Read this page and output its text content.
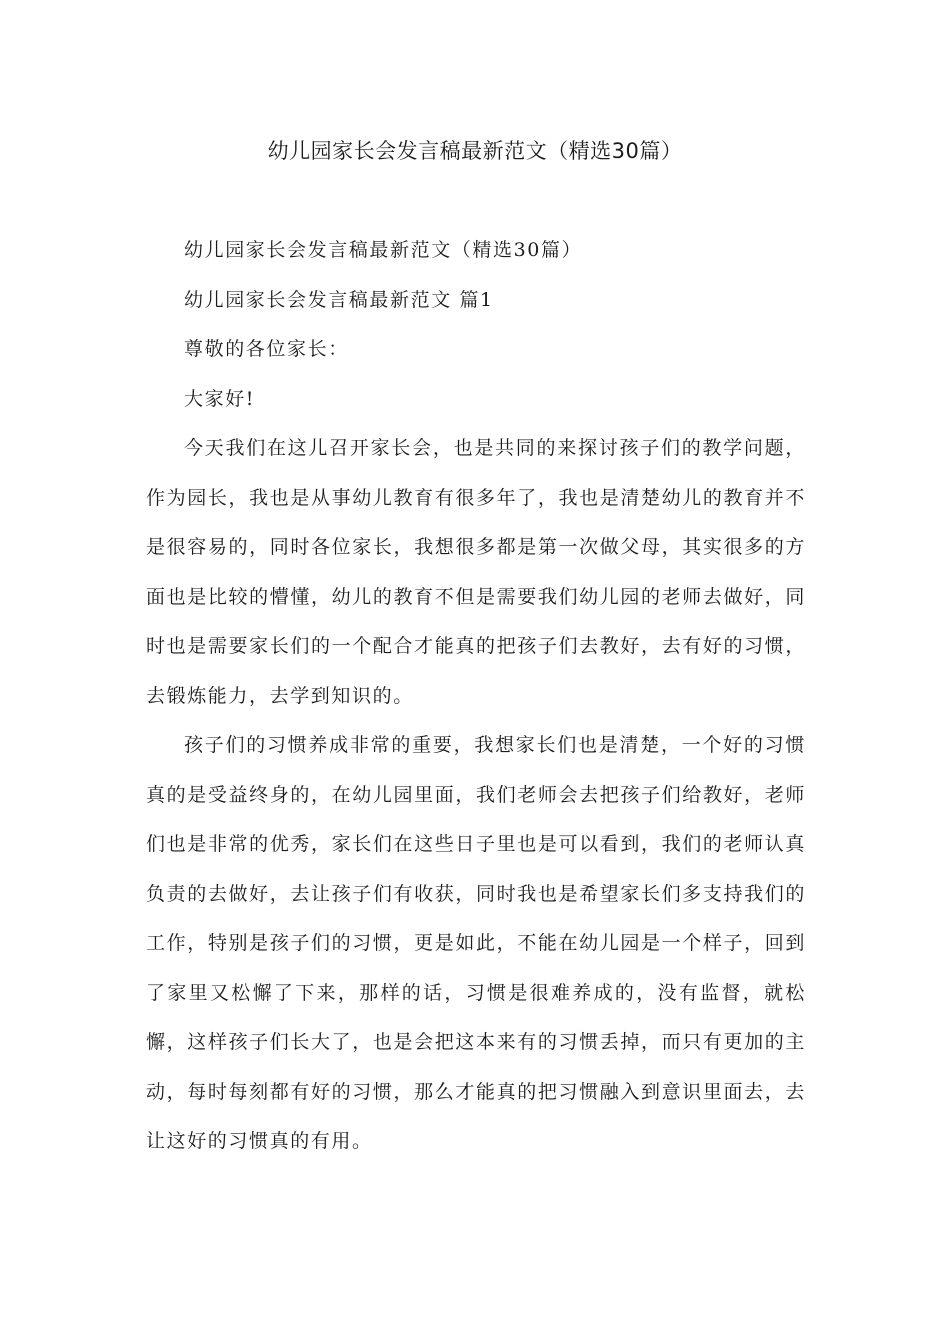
幼儿园家长会发言稿最新范文（精选30篇）

幼儿园家长会发言稿最新范文（精选30篇）

幼儿园家长会发言稿最新范文 篇1

尊敬的各位家长：

大家好!

今天我们在这儿召开家长会，也是共同的来探讨孩子们的教学问题，作为园长，我也是从事幼儿教育有很多年了，我也是清楚幼儿的教育并不是很容易的，同时各位家长，我想很多都是第一次做父母，其实很多的方面也是比较的懵懂，幼儿的教育不但是需要我们幼儿园的老师去做好，同时也是需要家长们的一个配合才能真的把孩子们去教好，去有好的习惯，去锻炼能力，去学到知识的。

孩子们的习惯养成非常的重要，我想家长们也是清楚，一个好的习惯真的是受益终身的，在幼儿园里面，我们老师会去把孩子们给教好，老师们也是非常的优秀，家长们在这些日子里也是可以看到，我们的老师认真负责的去做好，去让孩子们有收获，同时我也是希望家长们多支持我们的工作，特别是孩子们的习惯，更是如此，不能在幼儿园是一个样子，回到了家里又松懈了下来，那样的话，习惯是很难养成的，没有监督，就松懈，这样孩子们长大了，也是会把这本来有的习惯丢掉，而只有更加的主动，每时每刻都有好的习惯，那么才能真的把习惯融入到意识里面去，去让这好的习惯真的有用。
